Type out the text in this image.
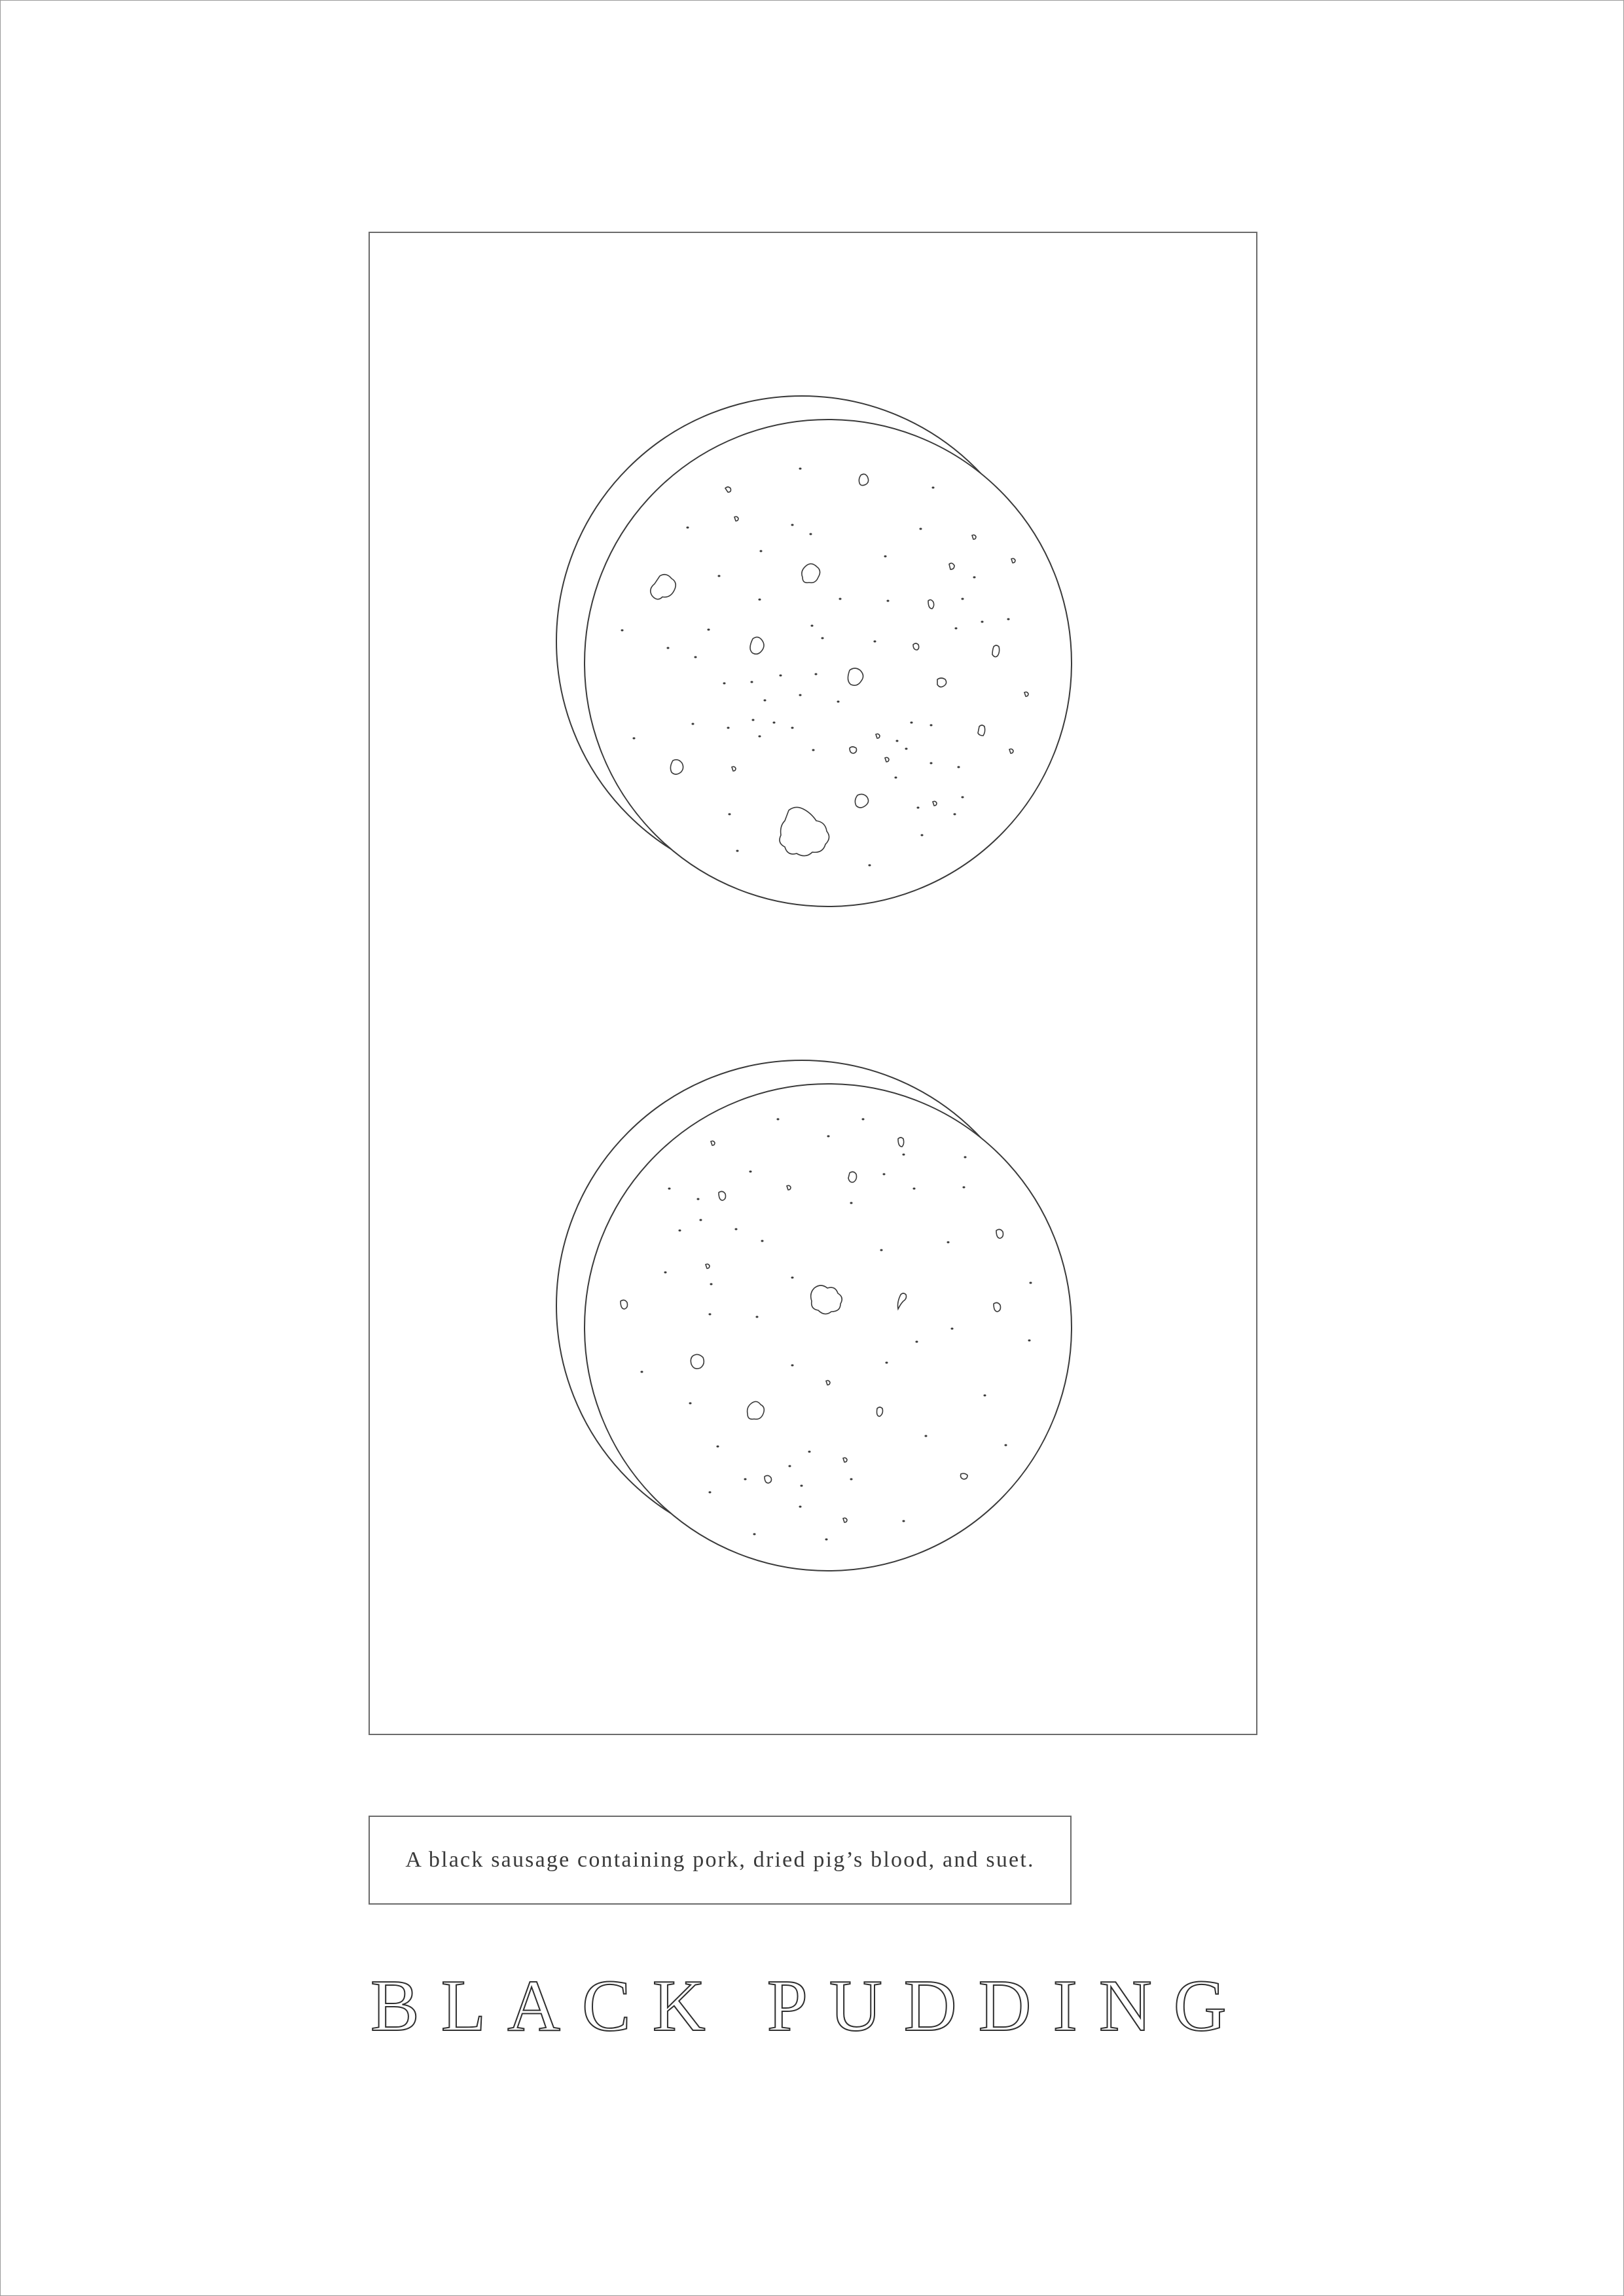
A black sausage containing pork, dried pig’s blood, and suet.
BLACK PUDDING
